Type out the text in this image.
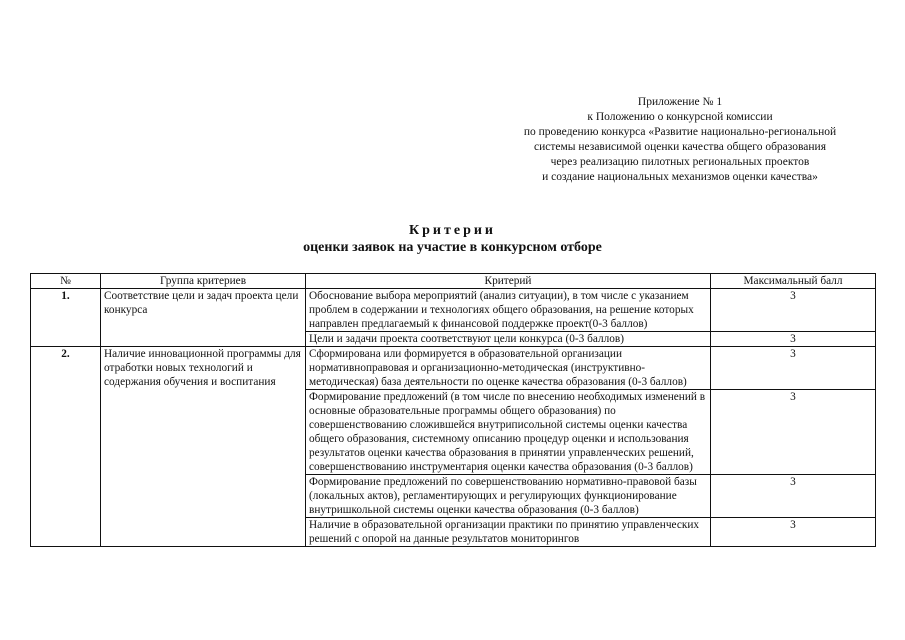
Приложение № 1
к Положению о конкурсной комиссии
по проведению конкурса «Развитие национально-региональной
системы независимой оценки качества общего образования
через реализацию пилотных региональных проектов
и создание национальных механизмов оценки качества»
Критерии
оценки заявок на участие в конкурсном отборе
№	Группа критериев	Критерий	Максимальный балл
1.	Соответствие цели и задач проекта цели конкурса	Обоснование выбора мероприятий (анализ ситуации), в том числе с указанием проблем в содержании и технологиях общего образования, на решение которых направлен предлагаемый к финансовой поддержке проект(0-3 баллов)	3
		Цели и задачи проекта соответствуют цели конкурса (0-3 баллов)	3
2.	Наличие инновационной программы для отработки новых технологий и содержания обучения и воспитания	Сформирована или формируется в образовательной организации нормативноправовая и организационно-методическая (инструктивно-методическая) база деятельности по оценке качества образования (0-3 баллов)	3
		Формирование предложений (в том числе по внесению необходимых изменений в основные образовательные программы общего образования) по совершенствованию сложившейся внутриписольной системы оценки качества общего образования, системному описанию процедур оценки и использования результатов оценки качества образования в принятии управленческих решений, совершенствованию инструментария оценки качества образования (0-3 баллов)	3
		Формирование предложений по совершенствованию нормативно-правовой базы (локальных актов), регламентирующих и регулирующих функционирование внутришкольной системы оценки качества образования (0-3 баллов)	3
		Наличие в образовательной организации практики по принятию управленческих решений с опорой на данные результатов мониторингов	3
